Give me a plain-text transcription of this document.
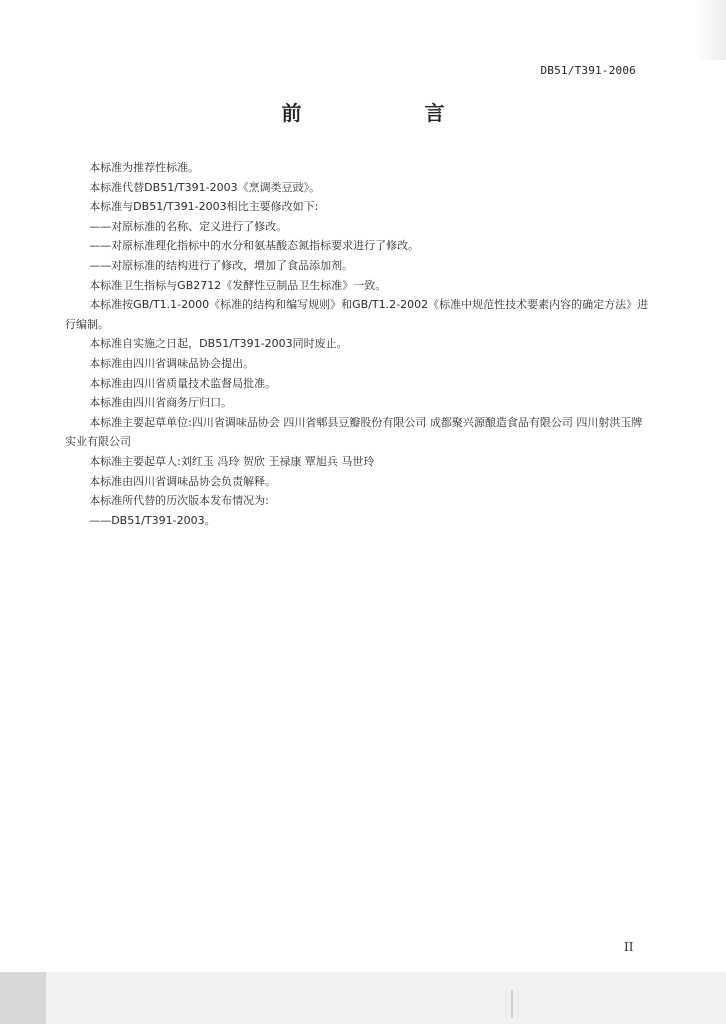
DB51/T391-2006
前 言

本标准为推荐性标准。

本标准代替DB51/T391-2003《烹调类豆豉》。

本标准与DB51/T391-2003相比主要修改如下:

——对原标准的名称、定义进行了修改。

——对原标准理化指标中的水分和氨基酸态氮指标要求进行了修改。

——对原标准的结构进行了修改，增加了食品添加剂。

本标准卫生指标与GB2712《发酵性豆制品卫生标准》一致。

本标准按GB/T1.1-2000《标准的结构和编写规则》和GB/T1.2-2002《标准中规范性技术要素内容的确定方法》进行编制。

本标准自实施之日起，DB51/T391-2003同时废止。

本标准由四川省调味品协会提出。

本标准由四川省质量技术监督局批准。

本标准由四川省商务厅归口。

本标准主要起草单位:四川省调味品协会 四川省郫县豆瓣股份有限公司 成都聚兴源酿造食品有限公司 四川射洪玉牌实业有限公司

本标准主要起草人:刘红玉 冯玲 贺欣 王禄康 覃旭兵 马世玲

本标准由四川省调味品协会负责解释。

本标准所代替的历次版本发布情况为:

——DB51/T391-2003。

II
